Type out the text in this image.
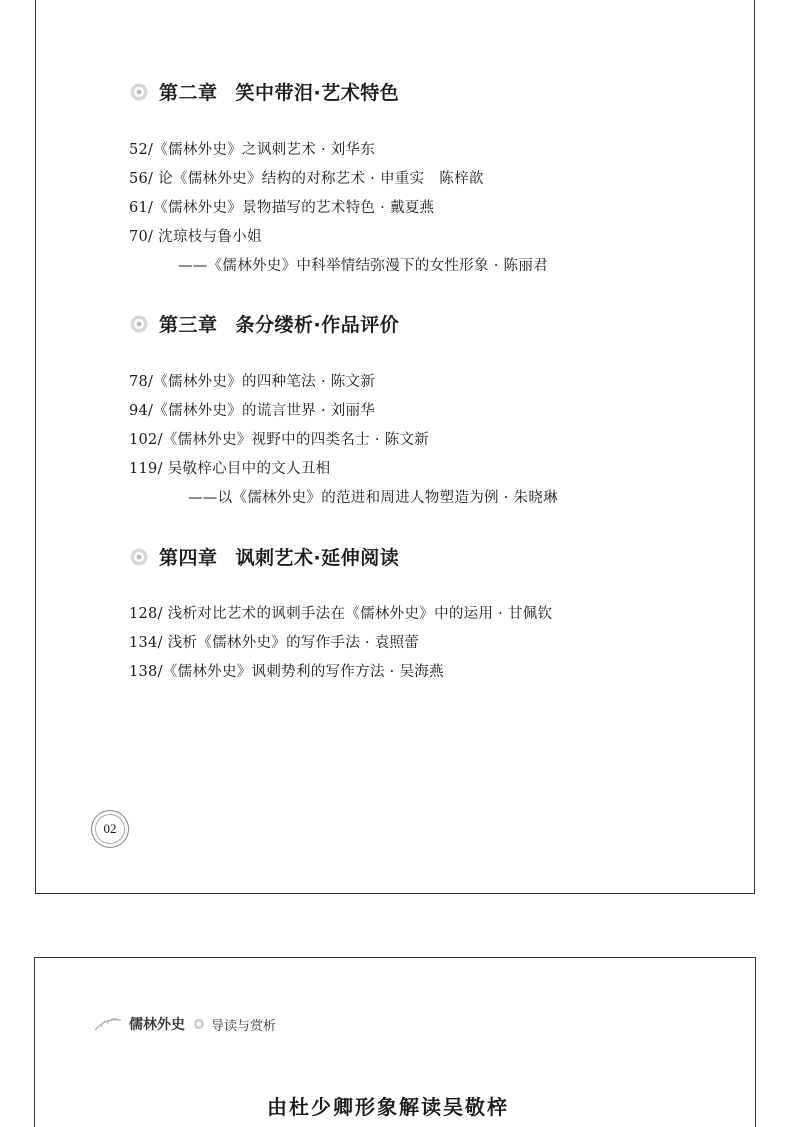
第二章 笑中带泪·艺术特色
52/《儒林外史》之讽刺艺术 · 刘华东
56/ 论《儒林外史》结构的对称艺术 · 申重实　陈梓歆
61/《儒林外史》景物描写的艺术特色 · 戴夏燕
70/ 沈琼枝与鲁小姐
——《儒林外史》中科举情结弥漫下的女性形象 · 陈丽君
第三章 条分缕析·作品评价
78/《儒林外史》的四种笔法 · 陈文新
94/《儒林外史》的谎言世界 · 刘丽华
102/《儒林外史》视野中的四类名士 · 陈文新
119/ 吴敬梓心目中的文人丑相
——以《儒林外史》的范进和周进人物塑造为例 · 朱晓琳
第四章 讽刺艺术·延伸阅读
128/ 浅析对比艺术的讽刺手法在《儒林外史》中的运用 · 甘佩钦
134/ 浅析《儒林外史》的写作手法 · 袁照蕾
138/《儒林外史》讽刺势利的写作方法 · 吴海燕
02
儒林外史 导读与赏析
由杜少卿形象解读吴敬梓
